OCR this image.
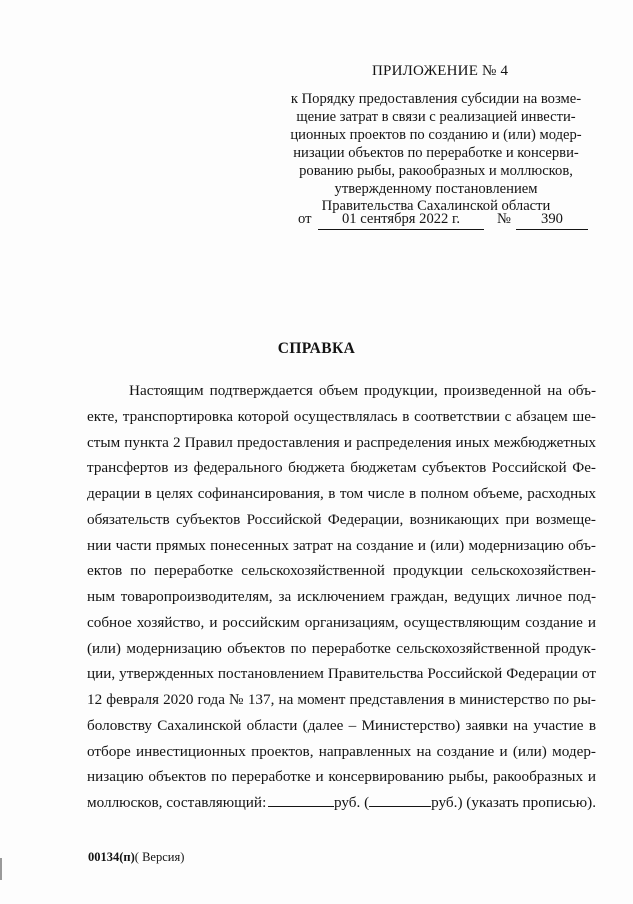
ПРИЛОЖЕНИЕ № 4
к Порядку предоставления субсидии на возме-
щение затрат в связи с реализацией инвести-
ционных проектов по созданию и (или) модер-
низации объектов по переработке и консерви-
рованию рыбы, ракообразных и моллюсков,
утвержденному постановлением
Правительства Сахалинской области
от	01 сентября 2022 г.	№	390
СПРАВКА
Настоящим подтверждается объем продукции, произведенной на объ-
екте, транспортировка которой осуществлялась в соответствии с абзацем ше-
стым пункта 2 Правил предоставления и распределения иных межбюджетных
трансфертов из федерального бюджета бюджетам субъектов Российской Фе-
дерации в целях софинансирования, в том числе в полном объеме, расходных
обязательств субъектов Российской Федерации, возникающих при возмеще-
нии части прямых понесенных затрат на создание и (или) модернизацию объ-
ектов по переработке сельскохозяйственной продукции сельскохозяйствен-
ным товаропроизводителям, за исключением граждан, ведущих личное под-
собное хозяйство, и российским организациям, осуществляющим создание и
(или) модернизацию объектов по переработке сельскохозяйственной продук-
ции, утвержденных постановлением Правительства Российской Федерации от
12 февраля 2020 года № 137, на момент представления в министерство по ры-
боловству Сахалинской области (далее – Министерство) заявки на участие в
отборе инвестиционных проектов, направленных на создание и (или) модер-
низацию объектов по переработке и консервированию рыбы, ракообразных и
моллюсков, составляющий:	руб. (	руб.) (указать прописью).
00134(п)( Версия)
